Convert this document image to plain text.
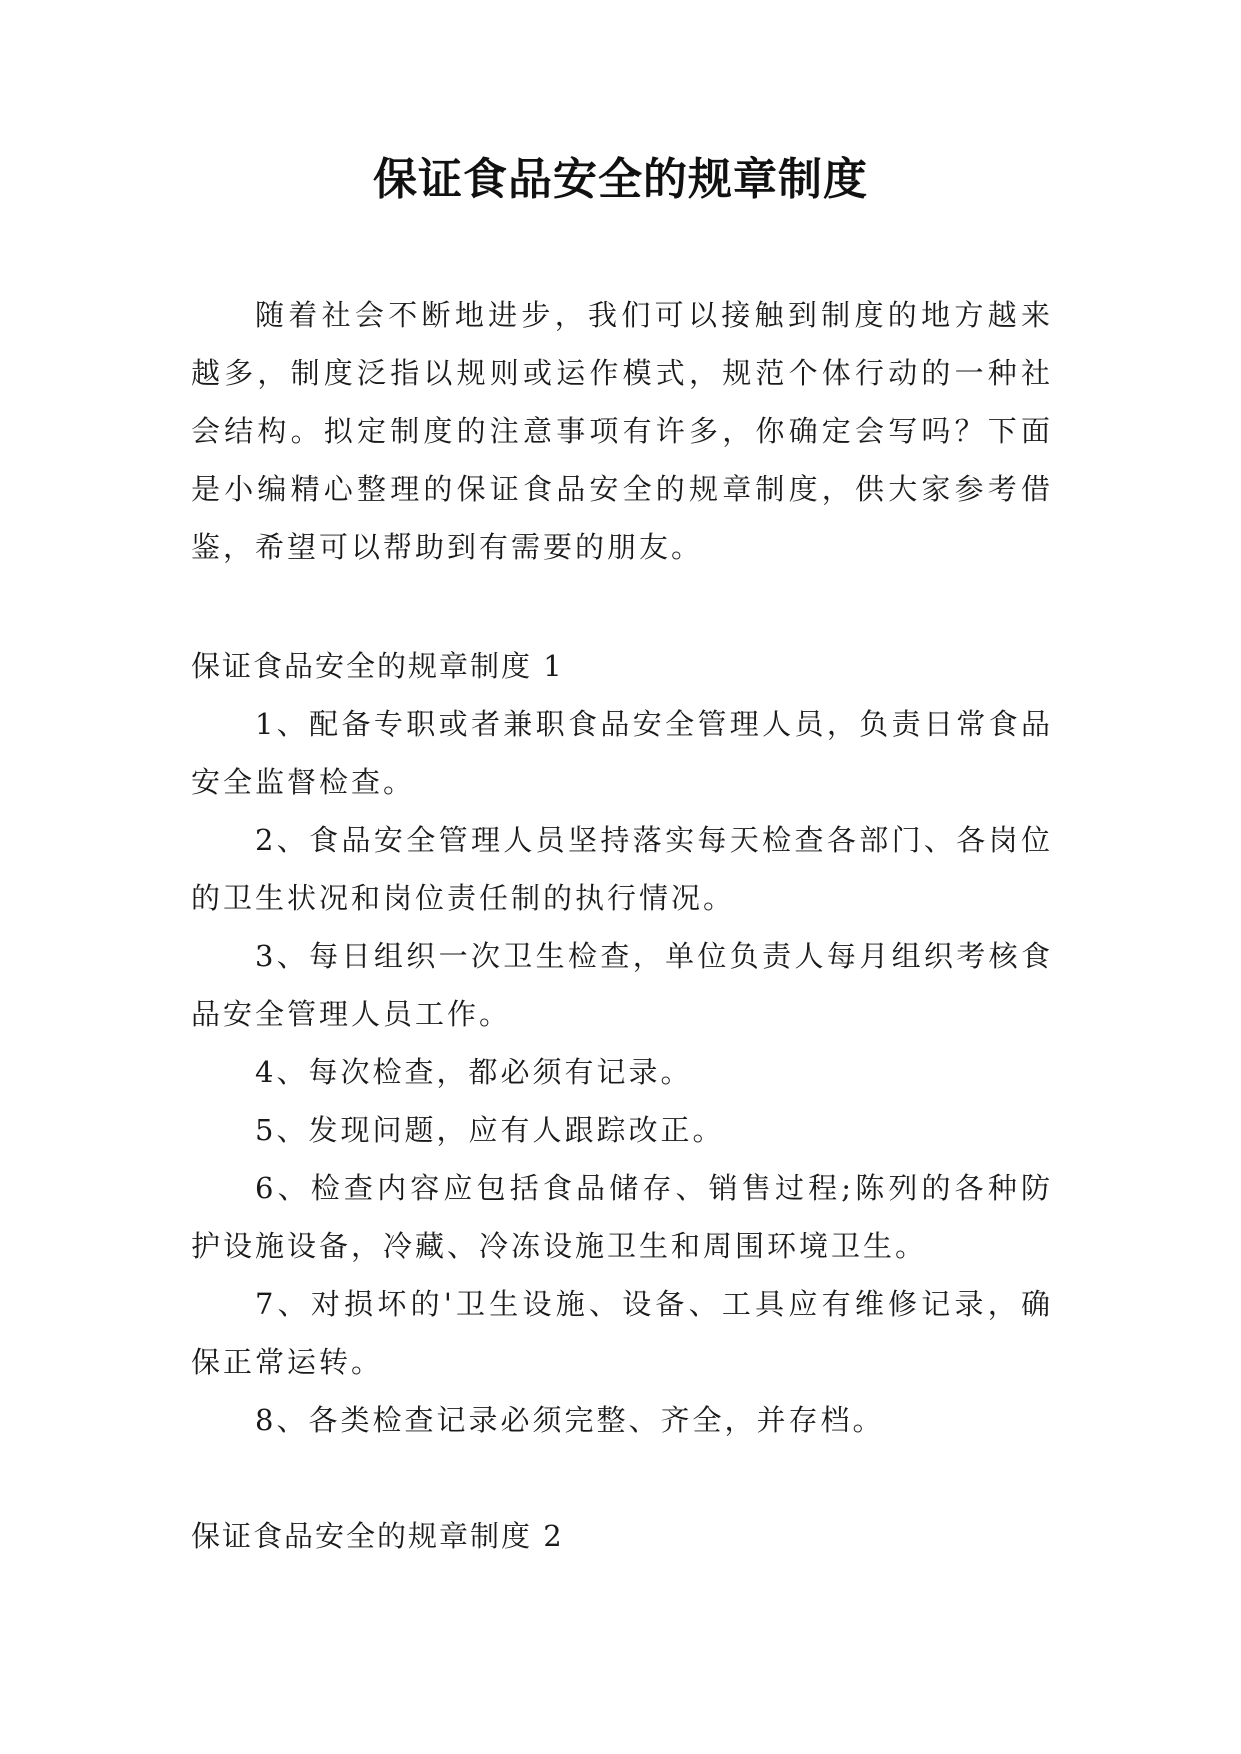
保证食品安全的规章制度

随着社会不断地进步，我们可以接触到制度的地方越来越多，制度泛指以规则或运作模式，规范个体行动的一种社会结构。拟定制度的注意事项有许多，你确定会写吗？下面是小编精心整理的保证食品安全的规章制度，供大家参考借鉴，希望可以帮助到有需要的朋友。

保证食品安全的规章制度 1
1、配备专职或者兼职食品安全管理人员，负责日常食品安全监督检查。
2、食品安全管理人员坚持落实每天检查各部门、各岗位的卫生状况和岗位责任制的执行情况。
3、每日组织一次卫生检查，单位负责人每月组织考核食品安全管理人员工作。
4、每次检查，都必须有记录。
5、发现问题，应有人跟踪改正。
6、检查内容应包括食品储存、销售过程;陈列的各种防护设施设备，冷藏、冷冻设施卫生和周围环境卫生。
7、对损坏的'卫生设施、设备、工具应有维修记录，确保正常运转。
8、各类检查记录必须完整、齐全，并存档。
保证食品安全的规章制度 2
